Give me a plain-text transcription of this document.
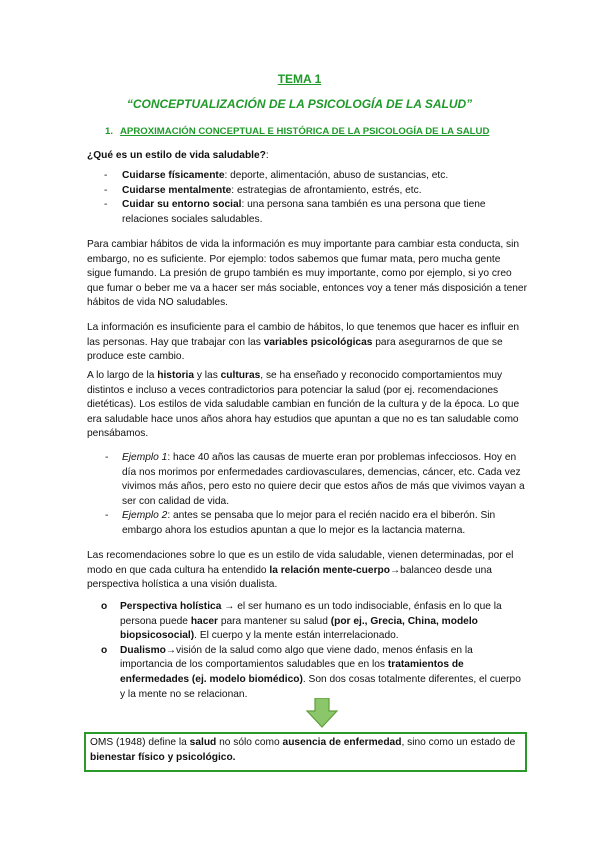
TEMA 1
“CONCEPTUALIZACIÓN DE LA PSICOLOGÍA DE LA SALUD”
1. APROXIMACIÓN CONCEPTUAL E HISTÓRICA DE LA PSICOLOGÍA DE LA SALUD
¿Qué es un estilo de vida saludable?:
- Cuidarse físicamente: deporte, alimentación, abuso de sustancias, etc.
- Cuidarse mentalmente: estrategias de afrontamiento, estrés, etc.
- Cuidar su entorno social: una persona sana también es una persona que tiene relaciones sociales saludables.

Para cambiar hábitos de vida la información es muy importante para cambiar esta conducta, sin embargo, no es suficiente. Por ejemplo: todos sabemos que fumar mata, pero mucha gente sigue fumando. La presión de grupo también es muy importante, como por ejemplo, si yo creo que fumar o beber me va a hacer ser más sociable, entonces voy a tener más disposición a tener hábitos de vida NO saludables.

La información es insuficiente para el cambio de hábitos, lo que tenemos que hacer es influir en las personas. Hay que trabajar con las variables psicológicas para asegurarnos de que se produce este cambio.

A lo largo de la historia y las culturas, se ha enseñado y reconocido comportamientos muy distintos e incluso a veces contradictorios para potenciar la salud (por ej. recomendaciones dietéticas). Los estilos de vida saludable cambian en función de la cultura y de la época. Lo que era saludable hace unos años ahora hay estudios que apuntan a que no es tan saludable como pensábamos.

- Ejemplo 1: hace 40 años las causas de muerte eran por problemas infecciosos. Hoy en día nos morimos por enfermedades cardiovasculares, demencias, cáncer, etc. Cada vez vivimos más años, pero esto no quiere decir que estos años de más que vivimos vayan a ser con calidad de vida.
- Ejemplo 2: antes se pensaba que lo mejor para el recién nacido era el biberón. Sin embargo ahora los estudios apuntan a que lo mejor es la lactancia materna.

Las recomendaciones sobre lo que es un estilo de vida saludable, vienen determinadas, por el modo en que cada cultura ha entendido la relación mente-cuerpo→balanceo desde una perspectiva holística a una visión dualista.

o Perspectiva holística → el ser humano es un todo indisociable, énfasis en lo que la persona puede hacer para mantener su salud (por ej., Grecia, China, modelo biopsicosocial). El cuerpo y la mente están interrelacionado.
o Dualismo→visión de la salud como algo que viene dado, menos énfasis en la importancia de los comportamientos saludables que en los tratamientos de enfermedades (ej. modelo biomédico). Son dos cosas totalmente diferentes, el cuerpo y la mente no se relacionan.
OMS (1948) define la salud no sólo como ausencia de enfermedad, sino como un estado de bienestar físico y psicológico.
